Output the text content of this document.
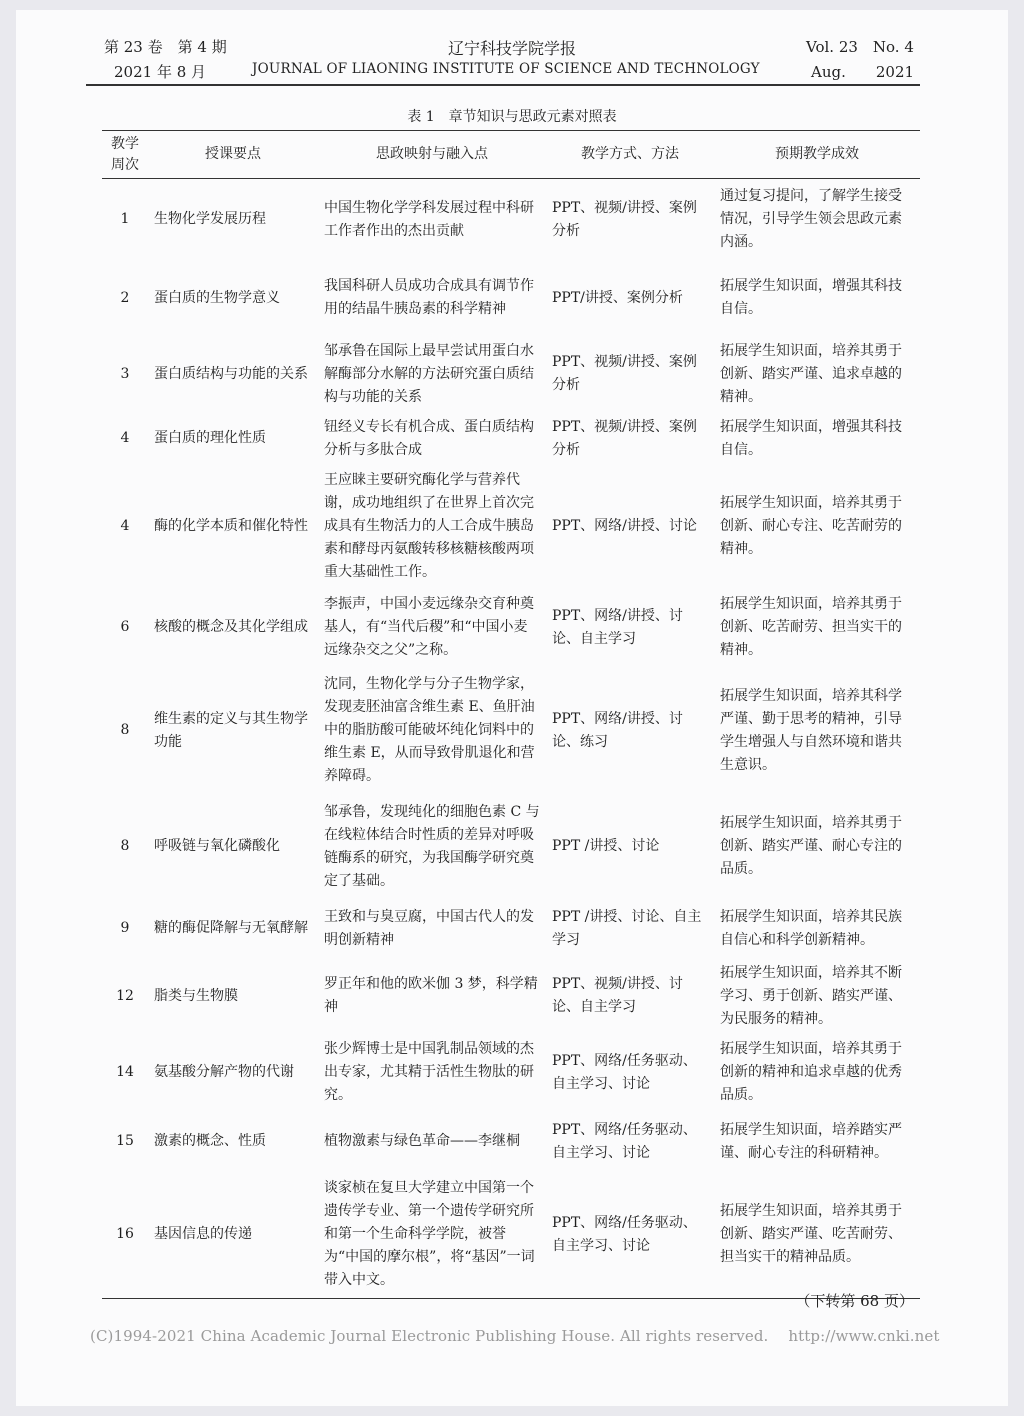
第 23 卷　第 4 期
2021 年 8 月
辽宁科技学院学报
JOURNAL OF LIAONING INSTITUTE OF SCIENCE AND TECHNOLOGY
Vol. 23　No. 4
Aug.　　2021
表 1　章节知识与思政元素对照表
教学周次	授课要点	思政映射与融入点	教学方式、方法	预期教学成效
1	生物化学发展历程	中国生物化学学科发展过程中科研工作者作出的杰出贡献	PPT、视频/讲授、案例分析	通过复习提问，了解学生接受情况，引导学生领会思政元素内涵。
2	蛋白质的生物学意义	我国科研人员成功合成具有调节作用的结晶牛胰岛素的科学精神	PPT/讲授、案例分析	拓展学生知识面，增强其科技自信。
3	蛋白质结构与功能的关系	邹承鲁在国际上最早尝试用蛋白水解酶部分水解的方法研究蛋白质结构与功能的关系	PPT、视频/讲授、案例分析	拓展学生知识面，培养其勇于创新、踏实严谨、追求卓越的精神。
4	蛋白质的理化性质	钮经义专长有机合成、蛋白质结构分析与多肽合成	PPT、视频/讲授、案例分析	拓展学生知识面，增强其科技自信。
4	酶的化学本质和催化特性	王应睐主要研究酶化学与营养代谢，成功地组织了在世界上首次完成具有生物活力的人工合成牛胰岛素和酵母丙氨酸转移核糖核酸两项重大基础性工作。	PPT、网络/讲授、讨论	拓展学生知识面，培养其勇于创新、耐心专注、吃苦耐劳的精神。
6	核酸的概念及其化学组成	李振声，中国小麦远缘杂交育种奠基人，有“当代后稷”和“中国小麦远缘杂交之父”之称。	PPT、网络/讲授、讨论、自主学习	拓展学生知识面，培养其勇于创新、吃苦耐劳、担当实干的精神。
8	维生素的定义与其生物学功能	沈同，生物化学与分子生物学家，发现麦胚油富含维生素 E、鱼肝油中的脂肪酸可能破坏纯化饲料中的维生素 E，从而导致骨肌退化和营养障碍。	PPT、网络/讲授、讨论、练习	拓展学生知识面，培养其科学严谨、勤于思考的精神，引导学生增强人与自然环境和谐共生意识。
8	呼吸链与氧化磷酸化	邹承鲁，发现纯化的细胞色素 C 与在线粒体结合时性质的差异对呼吸链酶系的研究，为我国酶学研究奠定了基础。	PPT /讲授、讨论	拓展学生知识面，培养其勇于创新、踏实严谨、耐心专注的品质。
9	糖的酶促降解与无氧酵解	王致和与臭豆腐，中国古代人的发明创新精神	PPT /讲授、讨论、自主学习	拓展学生知识面，培养其民族自信心和科学创新精神。
12	脂类与生物膜	罗正年和他的欧米伽 3 梦，科学精神	PPT、视频/讲授、讨论、自主学习	拓展学生知识面，培养其不断学习、勇于创新、踏实严谨、为民服务的精神。
14	氨基酸分解产物的代谢	张少辉博士是中国乳制品领域的杰出专家，尤其精于活性生物肽的研究。	PPT、网络/任务驱动、自主学习、讨论	拓展学生知识面，培养其勇于创新的精神和追求卓越的优秀品质。
15	激素的概念、性质	植物激素与绿色革命——李继桐	PPT、网络/任务驱动、自主学习、讨论	拓展学生知识面，培养踏实严谨、耐心专注的科研精神。
16	基因信息的传递	谈家桢在复旦大学建立中国第一个遗传学专业、第一个遗传学研究所和第一个生命科学学院，被誉为“中国的摩尔根”，将“基因”一词带入中文。	PPT、网络/任务驱动、自主学习、讨论	拓展学生知识面，培养其勇于创新、踏实严谨、吃苦耐劳、担当实干的精神品质。
（下转第 68 页）
(C)1994-2021 China Academic Journal Electronic Publishing House. All rights reserved.　 http://www.cnki.net
